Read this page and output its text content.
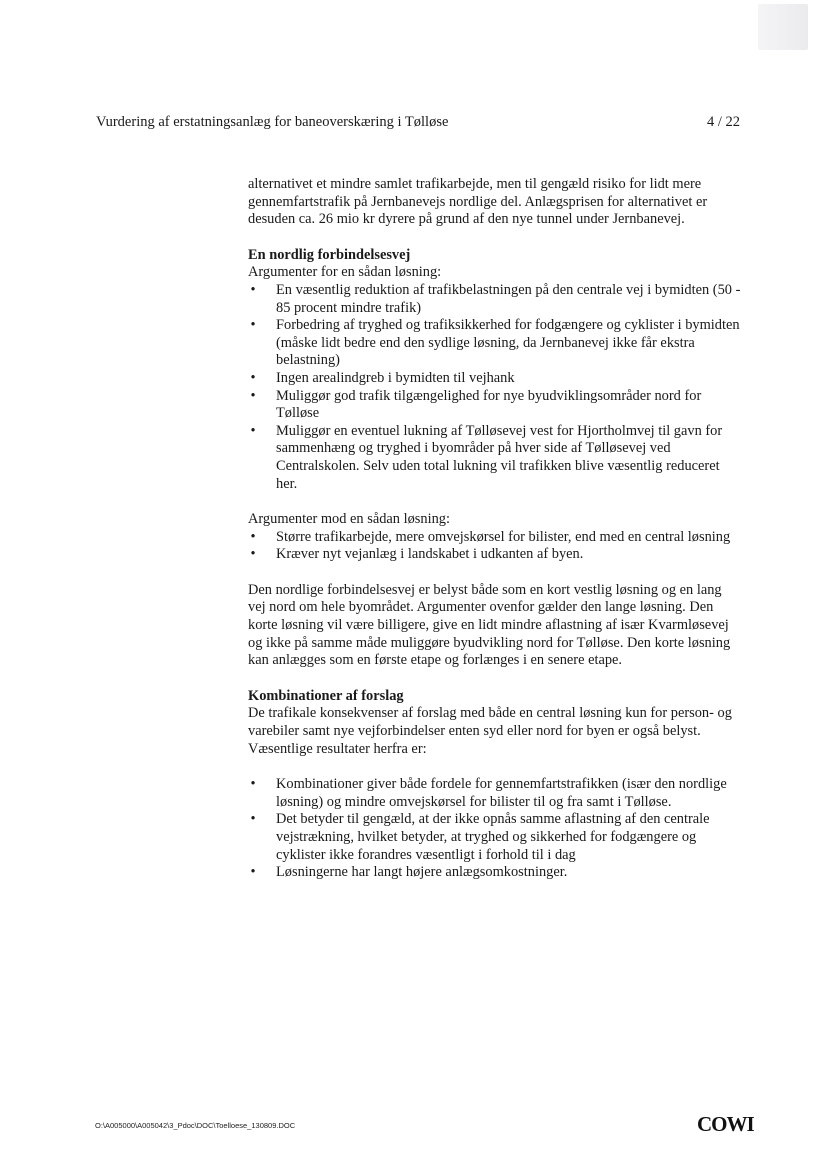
Vurdering af erstatningsanlæg for baneoverskæring i Tølløse	4 / 22

alternativet et mindre samlet trafikarbejde, men til gengæld risiko for lidt mere gennemfartstrafik på Jernbanevejs nordlige del. Anlægsprisen for alternativet er desuden ca. 26 mio kr dyrere på grund af den nye tunnel under Jernbanevej.

En nordlig forbindelsesvej

Argumenter for en sådan løsning:

• En væsentlig reduktion af trafikbelastningen på den centrale vej i bymidten (50 - 85 procent mindre trafik)
• Forbedring af tryghed og trafiksikkerhed for fodgængere og cyklister i bymidten (måske lidt bedre end den sydlige løsning, da Jernbanevej ikke får ekstra belastning)
• Ingen arealindgreb i bymidten til vejhank
• Muliggør god trafik tilgængelighed for nye byudviklingsområder nord for Tølløse
• Muliggør en eventuel lukning af Tølløsevej vest for Hjortholmvej til gavn for sammenhæng og tryghed i byområder på hver side af Tølløsevej ved Centralskolen. Selv uden total lukning vil trafikken blive væsentlig reduceret her.

Argumenter mod en sådan løsning:

• Større trafikarbejde, mere omvejskørsel for bilister, end med en central løsning
• Kræver nyt vejanlæg i landskabet i udkanten af byen.

Den nordlige forbindelsesvej er belyst både som en kort vestlig løsning og en lang vej nord om hele byområdet. Argumenter ovenfor gælder den lange løsning. Den korte løsning vil være billigere, give en lidt mindre aflastning af især Kvarmløsevej og ikke på samme måde muliggøre byudvikling nord for Tølløse. Den korte løsning kan anlægges som en første etape og forlænges i en senere etape.

Kombinationer af forslag

De trafikale konsekvenser af forslag med både en central løsning kun for person- og varebiler samt nye vejforbindelser enten syd eller nord for byen er også belyst. Væsentlige resultater herfra er:

• Kombinationer giver både fordele for gennemfartstrafikken (især den nordlige løsning) og mindre omvejskørsel for bilister til og fra samt i Tølløse.
• Det betyder til gengæld, at der ikke opnås samme aflastning af den centrale vejstrækning, hvilket betyder, at tryghed og sikkerhed for fodgængere og cyklister ikke forandres væsentligt i forhold til i dag
• Løsningerne har langt højere anlægsomkostninger.
O:\A005000\A005042\3_Pdoc\DOC\Toelloese_130809.DOC	COWI
